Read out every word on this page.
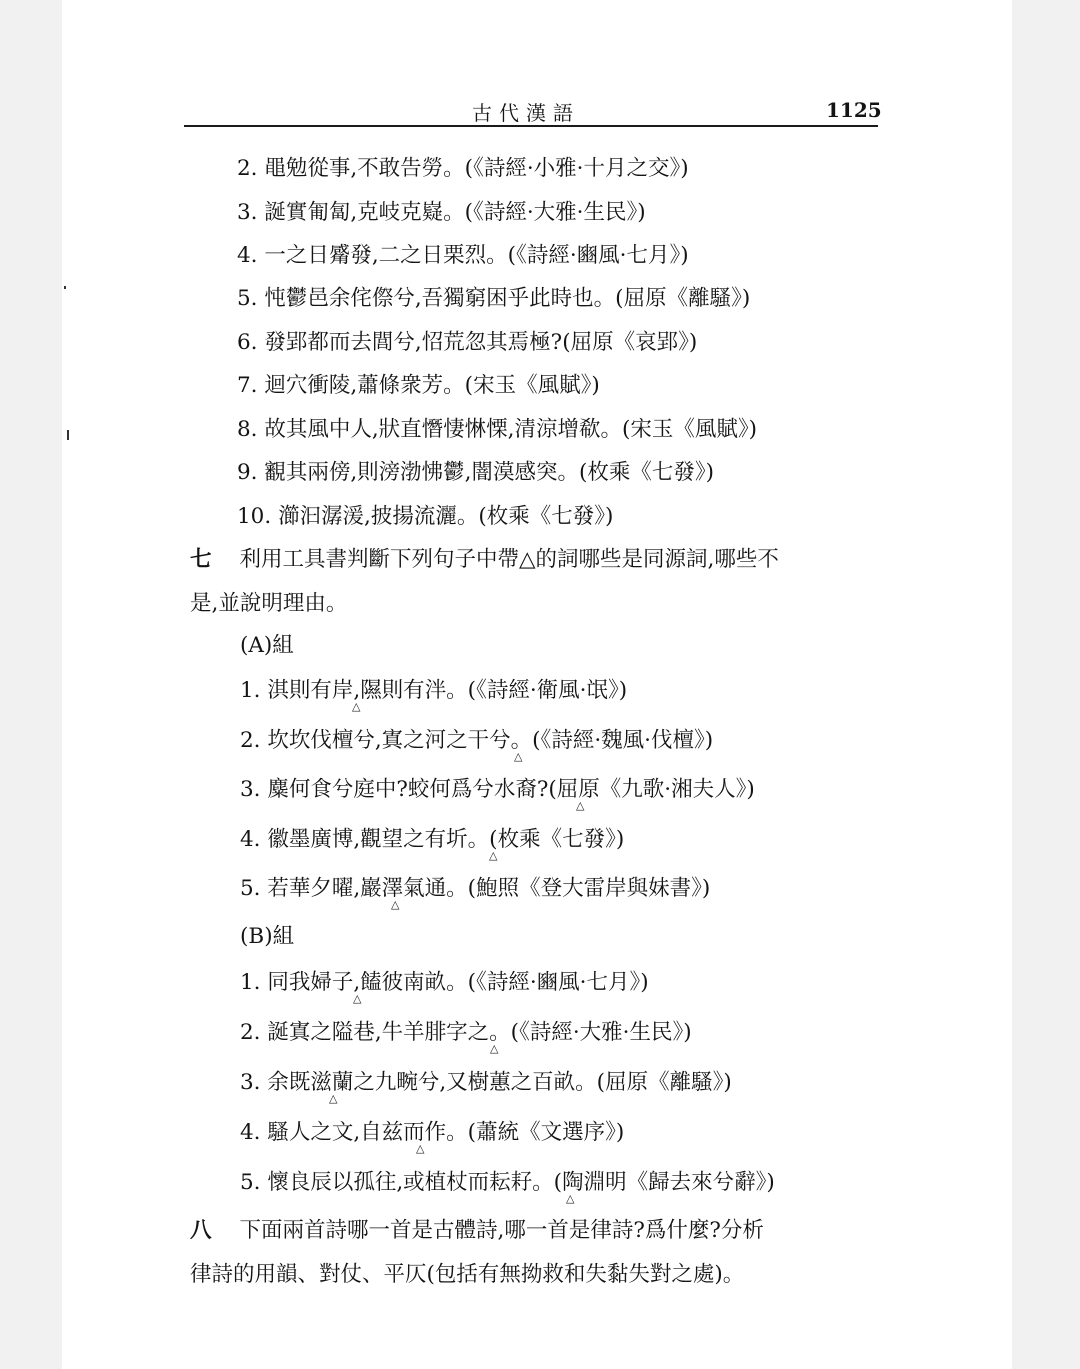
古代漢語	1125
2. 黽勉從事,不敢告勞。(《詩經·小雅·十月之交》)
3. 誕實匍匐,克岐克嶷。(《詩經·大雅·生民》)
4. 一之日觱發,二之日栗烈。(《詩經·豳風·七月》)
5. 忳鬱邑余侘傺兮,吾獨窮困乎此時也。(屈原《離騷》)
6. 發郢都而去閭兮,怊荒忽其焉極?(屈原《哀郢》)
7. 迴穴衝陵,蕭條衆芳。(宋玉《風賦》)
8. 故其風中人,狀直憯悽惏慄,清涼增欷。(宋玉《風賦》)
9. 覾其兩傍,則滂渤怫鬱,闇漠感突。(枚乘《七發》)
10. 瀄汩潺湲,披揚流灑。(枚乘《七發》)
七 利用工具書判斷下列句子中帶△的詞哪些是同源詞,哪些不
是,並說明理由。
(A)組
1. 淇則有岸,隰則有泮。(《詩經·衛風·氓》)
2. 坎坎伐檀兮,寘之河之干兮。(《詩經·魏風·伐檀》)
3. 麋何食兮庭中?蛟何爲兮水裔?(屈原《九歌·湘夫人》)
4. 徽墨廣博,觀望之有圻。(枚乘《七發》)
5. 若華夕曜,巖澤氣通。(鮑照《登大雷岸與妹書》)
(B)組
1. 同我婦子,饁彼南畝。(《詩經·豳風·七月》)
2. 誕寘之隘巷,牛羊腓字之。(《詩經·大雅·生民》)
3. 余既滋蘭之九畹兮,又樹蕙之百畝。(屈原《離騷》)
4. 騷人之文,自兹而作。(蕭統《文選序》)
5. 懷良辰以孤往,或植杖而耘耔。(陶淵明《歸去來兮辭》)
八 下面兩首詩哪一首是古體詩,哪一首是律詩?爲什麼?分析
律詩的用韻、對仗、平仄(包括有無拗救和失黏失對之處)。
△
△
△
△
△
△
△
△
△
△
